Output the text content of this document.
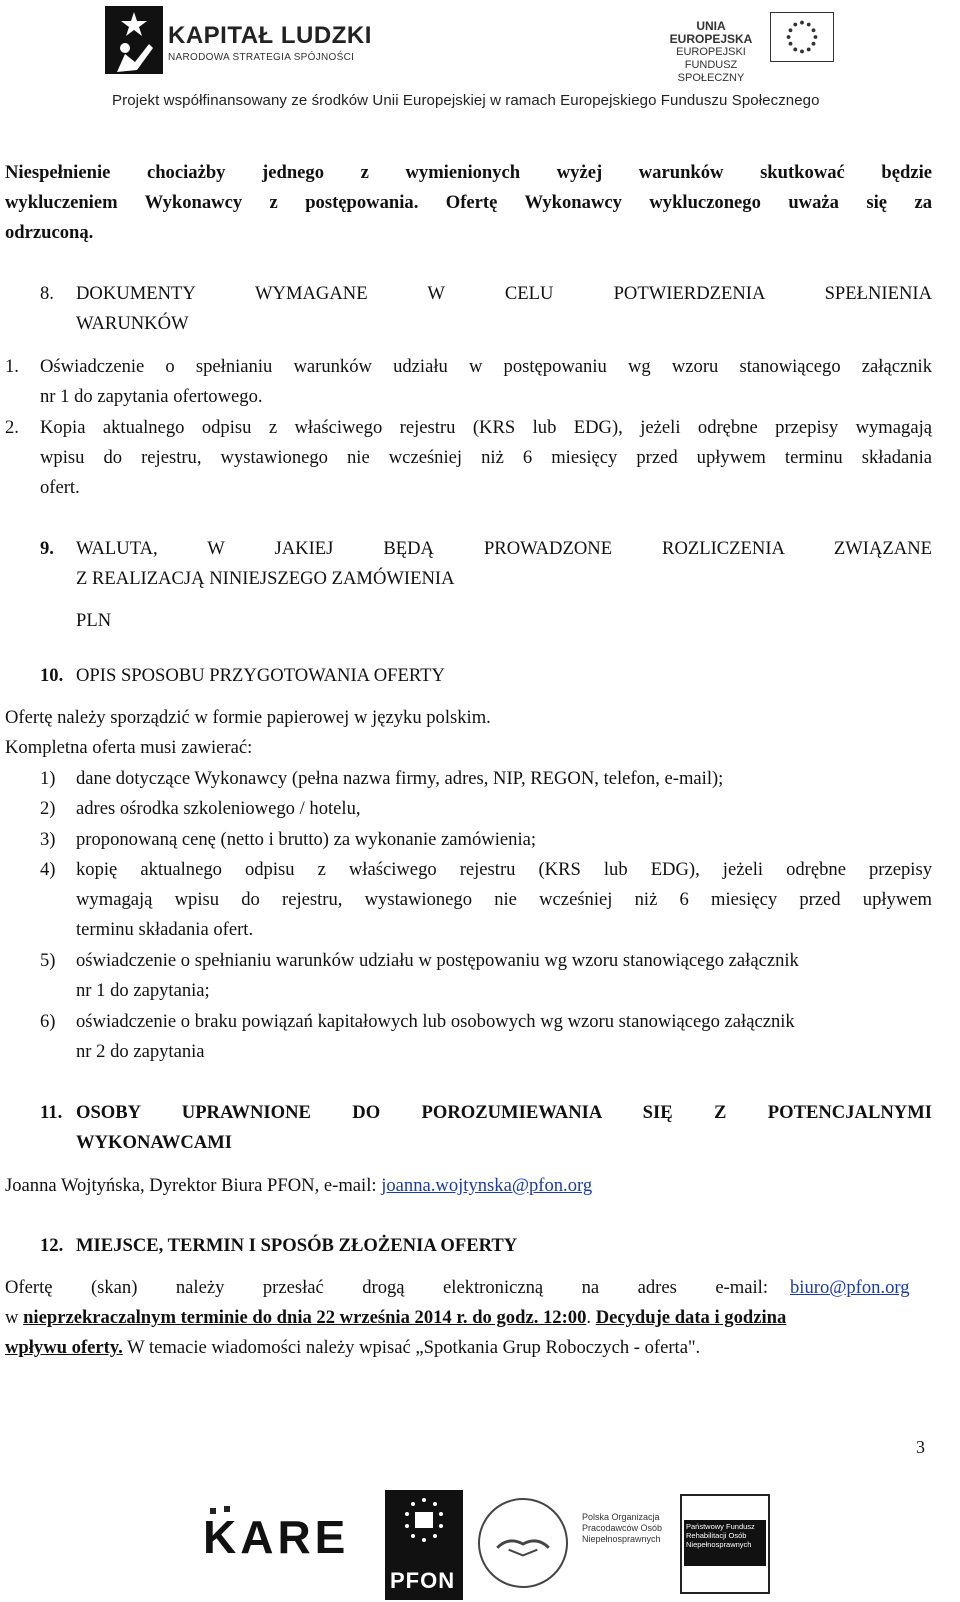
KAPITAŁ LUDZKI
NARODOWA STRATEGIA SPÓJNOŚCI
UNIA EUROPEJSKA
EUROPEJSKI
FUNDUSZ SPOŁECZNY
Projekt współfinansowany ze środków Unii Europejskiej w ramach Europejskiego Funduszu Społecznego
Niespełnienie chociażby jednego z wymienionych wyżej warunków skutkować będzie
wykluczeniem Wykonawcy z postępowania. Ofertę Wykonawcy wykluczonego uważa się za
odrzuconą.
8. DOKUMENTY WYMAGANE W CELU POTWIERDZENIA SPEŁNIENIA
WARUNKÓW
1. Oświadczenie o spełnianiu warunków udziału w postępowaniu wg wzoru stanowiącego załącznik
nr 1 do zapytania ofertowego.
2. Kopia aktualnego odpisu z właściwego rejestru (KRS lub EDG), jeżeli odrębne przepisy wymagają
wpisu do rejestru, wystawionego nie wcześniej niż 6 miesięcy przed upływem terminu składania
ofert.
9. WALUTA, W JAKIEJ BĘDĄ PROWADZONE ROZLICZENIA ZWIĄZANE
Z REALIZACJĄ NINIEJSZEGO ZAMÓWIENIA
PLN
10. OPIS SPOSOBU PRZYGOTOWANIA OFERTY
Ofertę należy sporządzić w formie papierowej w języku polskim.
Kompletna oferta musi zawierać:
1) dane dotyczące Wykonawcy (pełna nazwa firmy, adres, NIP, REGON, telefon, e-mail);
2) adres ośrodka szkoleniowego / hotelu,
3) proponowaną cenę (netto i brutto) za wykonanie zamówienia;
4) kopię aktualnego odpisu z właściwego rejestru (KRS lub EDG), jeżeli odrębne przepisy
wymagają wpisu do rejestru, wystawionego nie wcześniej niż 6 miesięcy przed upływem
terminu składania ofert.
5) oświadczenie o spełnianiu warunków udziału w postępowaniu wg wzoru stanowiącego załącznik
nr 1 do zapytania;
6) oświadczenie o braku powiązań kapitałowych lub osobowych wg wzoru stanowiącego załącznik
nr 2 do zapytania
11. OSOBY UPRAWNIONE DO POROZUMIEWANIA SIĘ Z POTENCJALNYMI
WYKONAWCAMI
Joanna Wojtyńska, Dyrektor Biura PFON, e-mail: joanna.wojtynska@pfon.org
12. MIEJSCE, TERMIN I SPOSÓB ZŁOŻENIA OFERTY
Ofertę (skan) należy przesłać drogą elektroniczną na adres e-mail: biuro@pfon.org
w nieprzekraczalnym terminie do dnia 22 września 2014 r. do godz. 12:00. Decyduje data i godzina
wpływu oferty. W temacie wiadomości należy wpisać „Spotkania Grup Roboczych - oferta".
3
KARE
PFON
Polska Organizacja
Pracodawców Osób
Niepełnosprawnych
Państwowy Fundusz
Rehabilitacji Osób
Niepełnosprawnych
